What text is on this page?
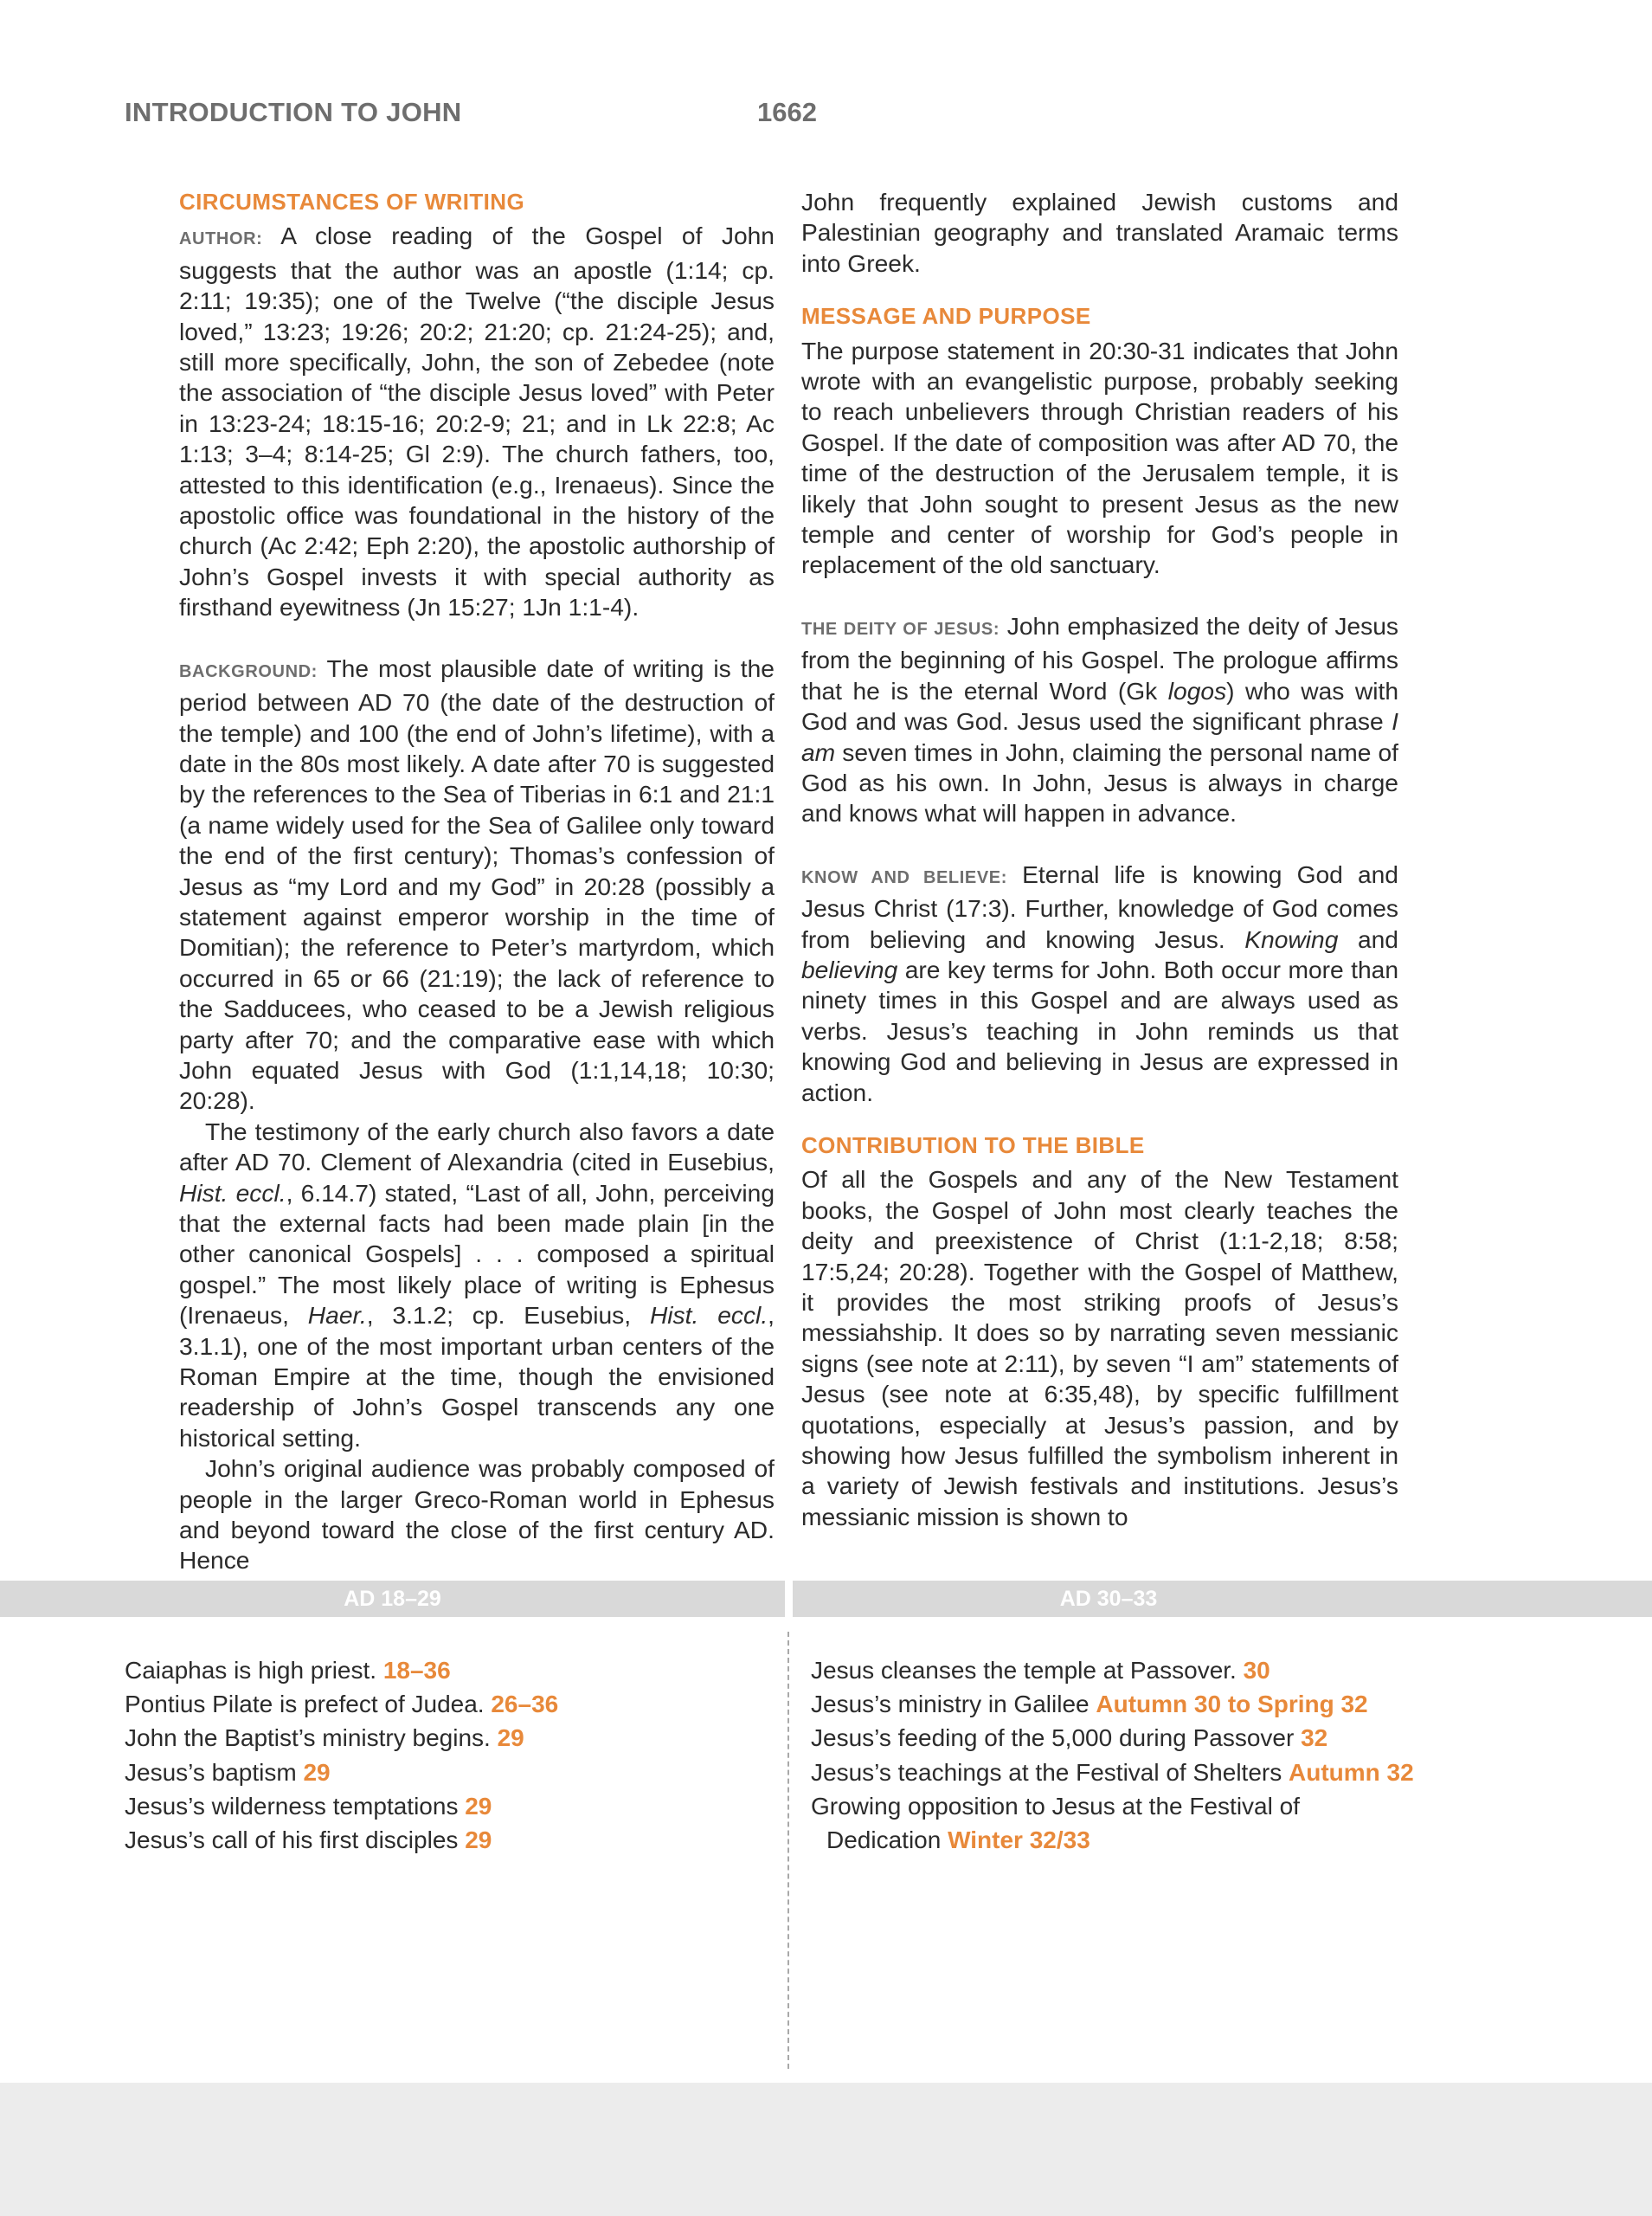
INTRODUCTION TO JOHN	1662
CIRCUMSTANCES OF WRITING

AUTHOR: A close reading of the Gospel of John suggests that the author was an apostle (1:14; cp. 2:11; 19:35); one of the Twelve (“the disciple Jesus loved,” 13:23; 19:26; 20:2; 21:20; cp. 21:24-25); and, still more specifically, John, the son of Zebedee (note the association of “the disciple Jesus loved” with Peter in 13:23-24; 18:15-16; 20:2-9; 21; and in Lk 22:8; Ac 1:13; 3–4; 8:14-25; Gl 2:9). The church fathers, too, attested to this identification (e.g., Irenaeus). Since the apostolic office was foundational in the history of the church (Ac 2:42; Eph 2:20), the apostolic authorship of John’s Gospel invests it with special authority as firsthand eyewitness (Jn 15:27; 1Jn 1:1-4).

BACKGROUND: The most plausible date of writing is the period between AD 70 (the date of the destruction of the temple) and 100 (the end of John’s lifetime), with a date in the 80s most likely. A date after 70 is suggested by the references to the Sea of Tiberias in 6:1 and 21:1 (a name widely used for the Sea of Galilee only toward the end of the first century); Thomas’s confession of Jesus as “my Lord and my God” in 20:28 (possibly a statement against emperor worship in the time of Domitian); the reference to Peter’s martyrdom, which occurred in 65 or 66 (21:19); the lack of reference to the Sadducees, who ceased to be a Jewish religious party after 70; and the comparative ease with which John equated Jesus with God (1:1,14,18; 10:30; 20:28).

The testimony of the early church also favors a date after AD 70. Clement of Alexandria (cited in Eusebius, Hist. eccl., 6.14.7) stated, “Last of all, John, perceiving that the external facts had been made plain [in the other canonical Gospels] . . . composed a spiritual gospel.” The most likely place of writing is Ephesus (Irenaeus, Haer., 3.1.2; cp. Eusebius, Hist. eccl., 3.1.1), one of the most important urban centers of the Roman Empire at the time, though the envisioned readership of John’s Gospel transcends any one historical setting.

John’s original audience was probably composed of people in the larger Greco-Roman world in Ephesus and beyond toward the close of the first century AD. Hence

John frequently explained Jewish customs and Palestinian geography and translated Aramaic terms into Greek.

MESSAGE AND PURPOSE

The purpose statement in 20:30-31 indicates that John wrote with an evangelistic purpose, probably seeking to reach unbelievers through Christian readers of his Gospel. If the date of composition was after AD 70, the time of the destruction of the Jerusalem temple, it is likely that John sought to present Jesus as the new temple and center of worship for God’s people in replacement of the old sanctuary.

THE DEITY OF JESUS: John emphasized the deity of Jesus from the beginning of his Gospel. The prologue affirms that he is the eternal Word (Gk logos) who was with God and was God. Jesus used the significant phrase I am seven times in John, claiming the personal name of God as his own. In John, Jesus is always in charge and knows what will happen in advance.

KNOW AND BELIEVE: Eternal life is knowing God and Jesus Christ (17:3). Further, knowledge of God comes from believing and knowing Jesus. Knowing and believing are key terms for John. Both occur more than ninety times in this Gospel and are always used as verbs. Jesus’s teaching in John reminds us that knowing God and believing in Jesus are expressed in action.

CONTRIBUTION TO THE BIBLE

Of all the Gospels and any of the New Testament books, the Gospel of John most clearly teaches the deity and preexistence of Christ (1:1-2,18; 8:58; 17:5,24; 20:28). Together with the Gospel of Matthew, it provides the most striking proofs of Jesus’s messiahship. It does so by narrating seven messianic signs (see note at 2:11), by seven “I am” statements of Jesus (see note at 6:35,48), by specific fulfillment quotations, especially at Jesus’s passion, and by showing how Jesus fulfilled the symbolism inherent in a variety of Jewish festivals and institutions. Jesus’s messianic mission is shown to

AD 18–29	AD 30–33
Caiaphas is high priest. 18–36
Pontius Pilate is prefect of Judea. 26–36
John the Baptist’s ministry begins. 29
Jesus’s baptism 29
Jesus’s wilderness temptations 29
Jesus’s call of his first disciples 29
Jesus cleanses the temple at Passover. 30
Jesus’s ministry in Galilee Autumn 30 to Spring 32
Jesus’s feeding of the 5,000 during Passover 32
Jesus’s teachings at the Festival of Shelters Autumn 32
Growing opposition to Jesus at the Festival of
Dedication Winter 32/33
